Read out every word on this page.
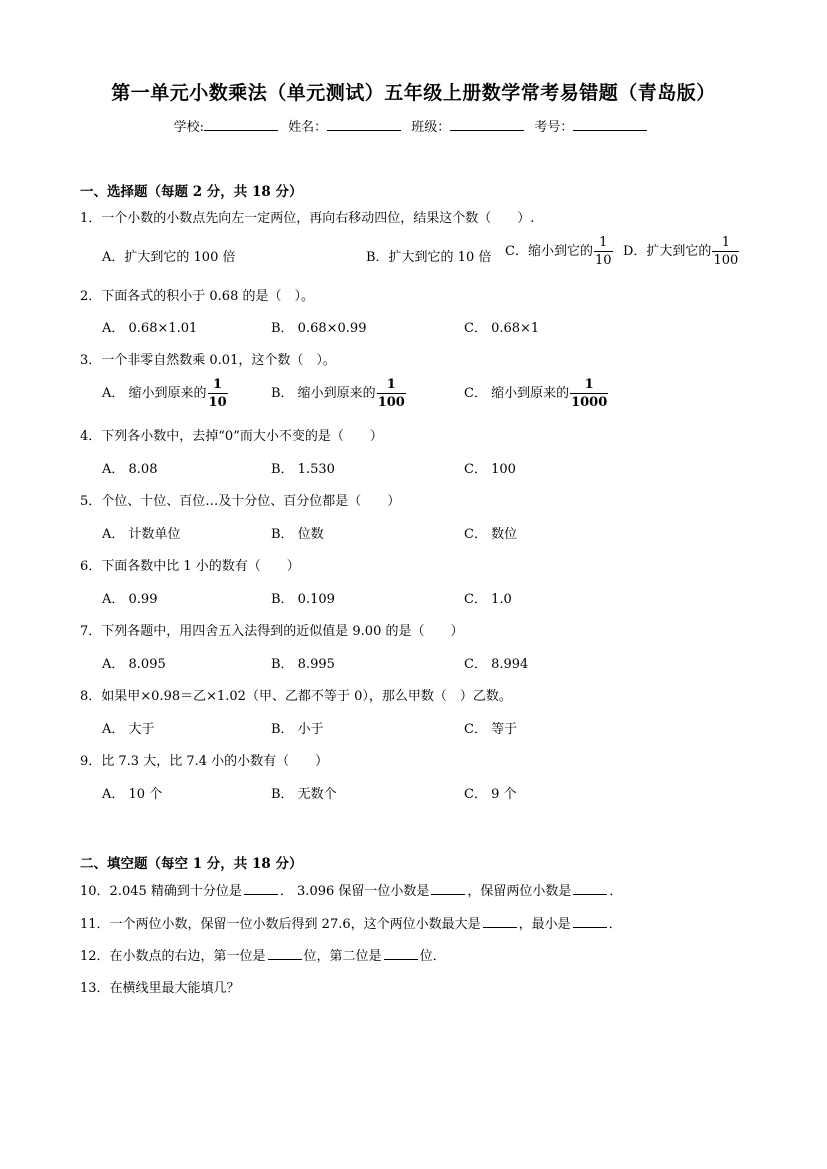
第一单元小数乘法（单元测试）五年级上册数学常考易错题（青岛版）
学校:	姓名：	班级：	考号：
一、选择题（每题 2 分，共 18 分）
1．一个小数的小数点先向左一定两位，再向右移动四位，结果这个数（　　）.
A．扩大到它的 100 倍	B．扩大到它的 10 倍 C．缩小到它的 $\frac{1}{10}$ D．扩大到它的 $\frac{1}{100}$
2．下面各式的积小于 0.68 的是（　）。
A． 0.68×1.01	B． 0.68×0.99	C． 0.68×1
3．一个非零自然数乘 0.01，这个数（　）。
A． 缩小到原来的 $\frac{1}{10}$	B． 缩小到原来的 $\frac{1}{100}$	C． 缩小到原来的 $\frac{1}{1000}$
4．下列各小数中，去掉“0”而大小不变的是（　　）
A． 8.08	B． 1.530	C． 100
5．个位、十位、百位…及十分位、百分位都是（　　）
A． 计数单位	B． 位数	C． 数位
6．下面各数中比 1 小的数有（　　）
A． 0.99	B． 0.109	C． 1.0
7．下列各题中，用四舍五入法得到的近似值是 9.00 的是（　　）
A． 8.095	B． 8.995	C． 8.994
8．如果甲×0.98＝乙×1.02（甲、乙都不等于 0），那么甲数（　）乙数。
A． 大于	B． 小于	C． 等于
9．比 7.3 大，比 7.4 小的小数有（　　）
A． 10 个	B． 无数个	C． 9 个
二、填空题（每空 1 分，共 18 分）
10．2.045 精确到十分位是	． 3.096 保留一位小数是	，保留两位小数是	．
11．一个两位小数，保留一位小数后得到 27.6，这个两位小数最大是	，最小是	．
12．在小数点的右边，第一位是	位，第二位是	位．
13．在横线里最大能填几？
